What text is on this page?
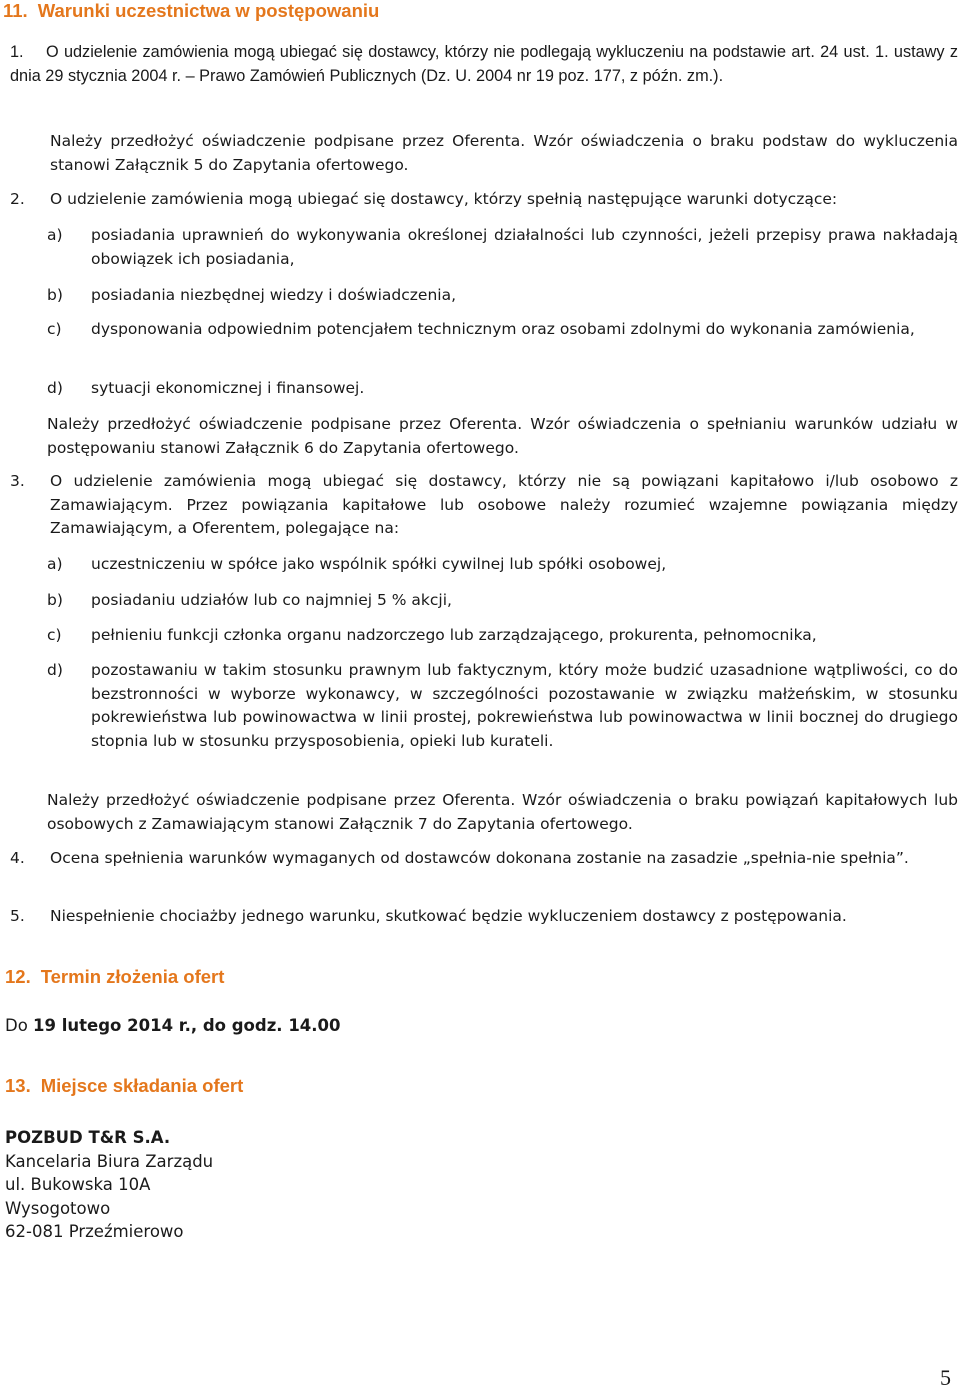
11. Warunki uczestnictwa w postępowaniu
1.	O udzielenie zamówienia mogą ubiegać się dostawcy, którzy nie podlegają wykluczeniu na podstawie art. 24 ust. 1. ustawy z dnia 29 stycznia 2004 r. – Prawo Zamówień Publicznych (Dz. U. 2004 nr 19 poz. 177, z późn. zm.).
Należy przedłożyć oświadczenie podpisane przez Oferenta. Wzór oświadczenia o braku podstaw do wykluczenia stanowi Załącznik 5 do Zapytania ofertowego.
2. O udzielenie zamówienia mogą ubiegać się dostawcy, którzy spełnią następujące warunki dotyczące:
a) posiadania uprawnień do wykonywania określonej działalności lub czynności, jeżeli przepisy prawa nakładają obowiązek ich posiadania,
b) posiadania niezbędnej wiedzy i doświadczenia,
c) dysponowania odpowiednim potencjałem technicznym oraz osobami zdolnymi do wykonania zamówienia,
d) sytuacji ekonomicznej i finansowej.
Należy przedłożyć oświadczenie podpisane przez Oferenta. Wzór oświadczenia o spełnianiu warunków udziału w postępowaniu stanowi Załącznik 6 do Zapytania ofertowego.
3. O udzielenie zamówienia mogą ubiegać się dostawcy, którzy nie są powiązani kapitałowo i/lub osobowo z Zamawiającym. Przez powiązania kapitałowe lub osobowe należy rozumieć wzajemne powiązania między Zamawiającym, a Oferentem, polegające na:
a) uczestniczeniu w spółce jako wspólnik spółki cywilnej lub spółki osobowej,
b) posiadaniu udziałów lub co najmniej 5 % akcji,
c) pełnieniu funkcji członka organu nadzorczego lub zarządzającego, prokurenta, pełnomocnika,
d) pozostawaniu w takim stosunku prawnym lub faktycznym, który może budzić uzasadnione wątpliwości, co do bezstronności w wyborze wykonawcy, w szczególności pozostawanie w związku małżeńskim, w stosunku pokrewieństwa lub powinowactwa w linii prostej, pokrewieństwa lub powinowactwa w linii bocznej do drugiego stopnia lub w stosunku przysposobienia, opieki lub kurateli.
Należy przedłożyć oświadczenie podpisane przez Oferenta. Wzór oświadczenia o braku powiązań kapitałowych lub osobowych z Zamawiającym stanowi Załącznik 7 do Zapytania ofertowego.
4. Ocena spełnienia warunków wymaganych od dostawców dokonana zostanie na zasadzie „spełnia-nie spełnia”.
5. Niespełnienie chociażby jednego warunku, skutkować będzie wykluczeniem dostawcy z postępowania.
12. Termin złożenia ofert
Do 19 lutego 2014 r., do godz. 14.00
13. Miejsce składania ofert
POZBUD T&R S.A.
Kancelaria Biura Zarządu
ul. Bukowska 10A
Wysogotowo
62-081 Przeźmierowo
5
